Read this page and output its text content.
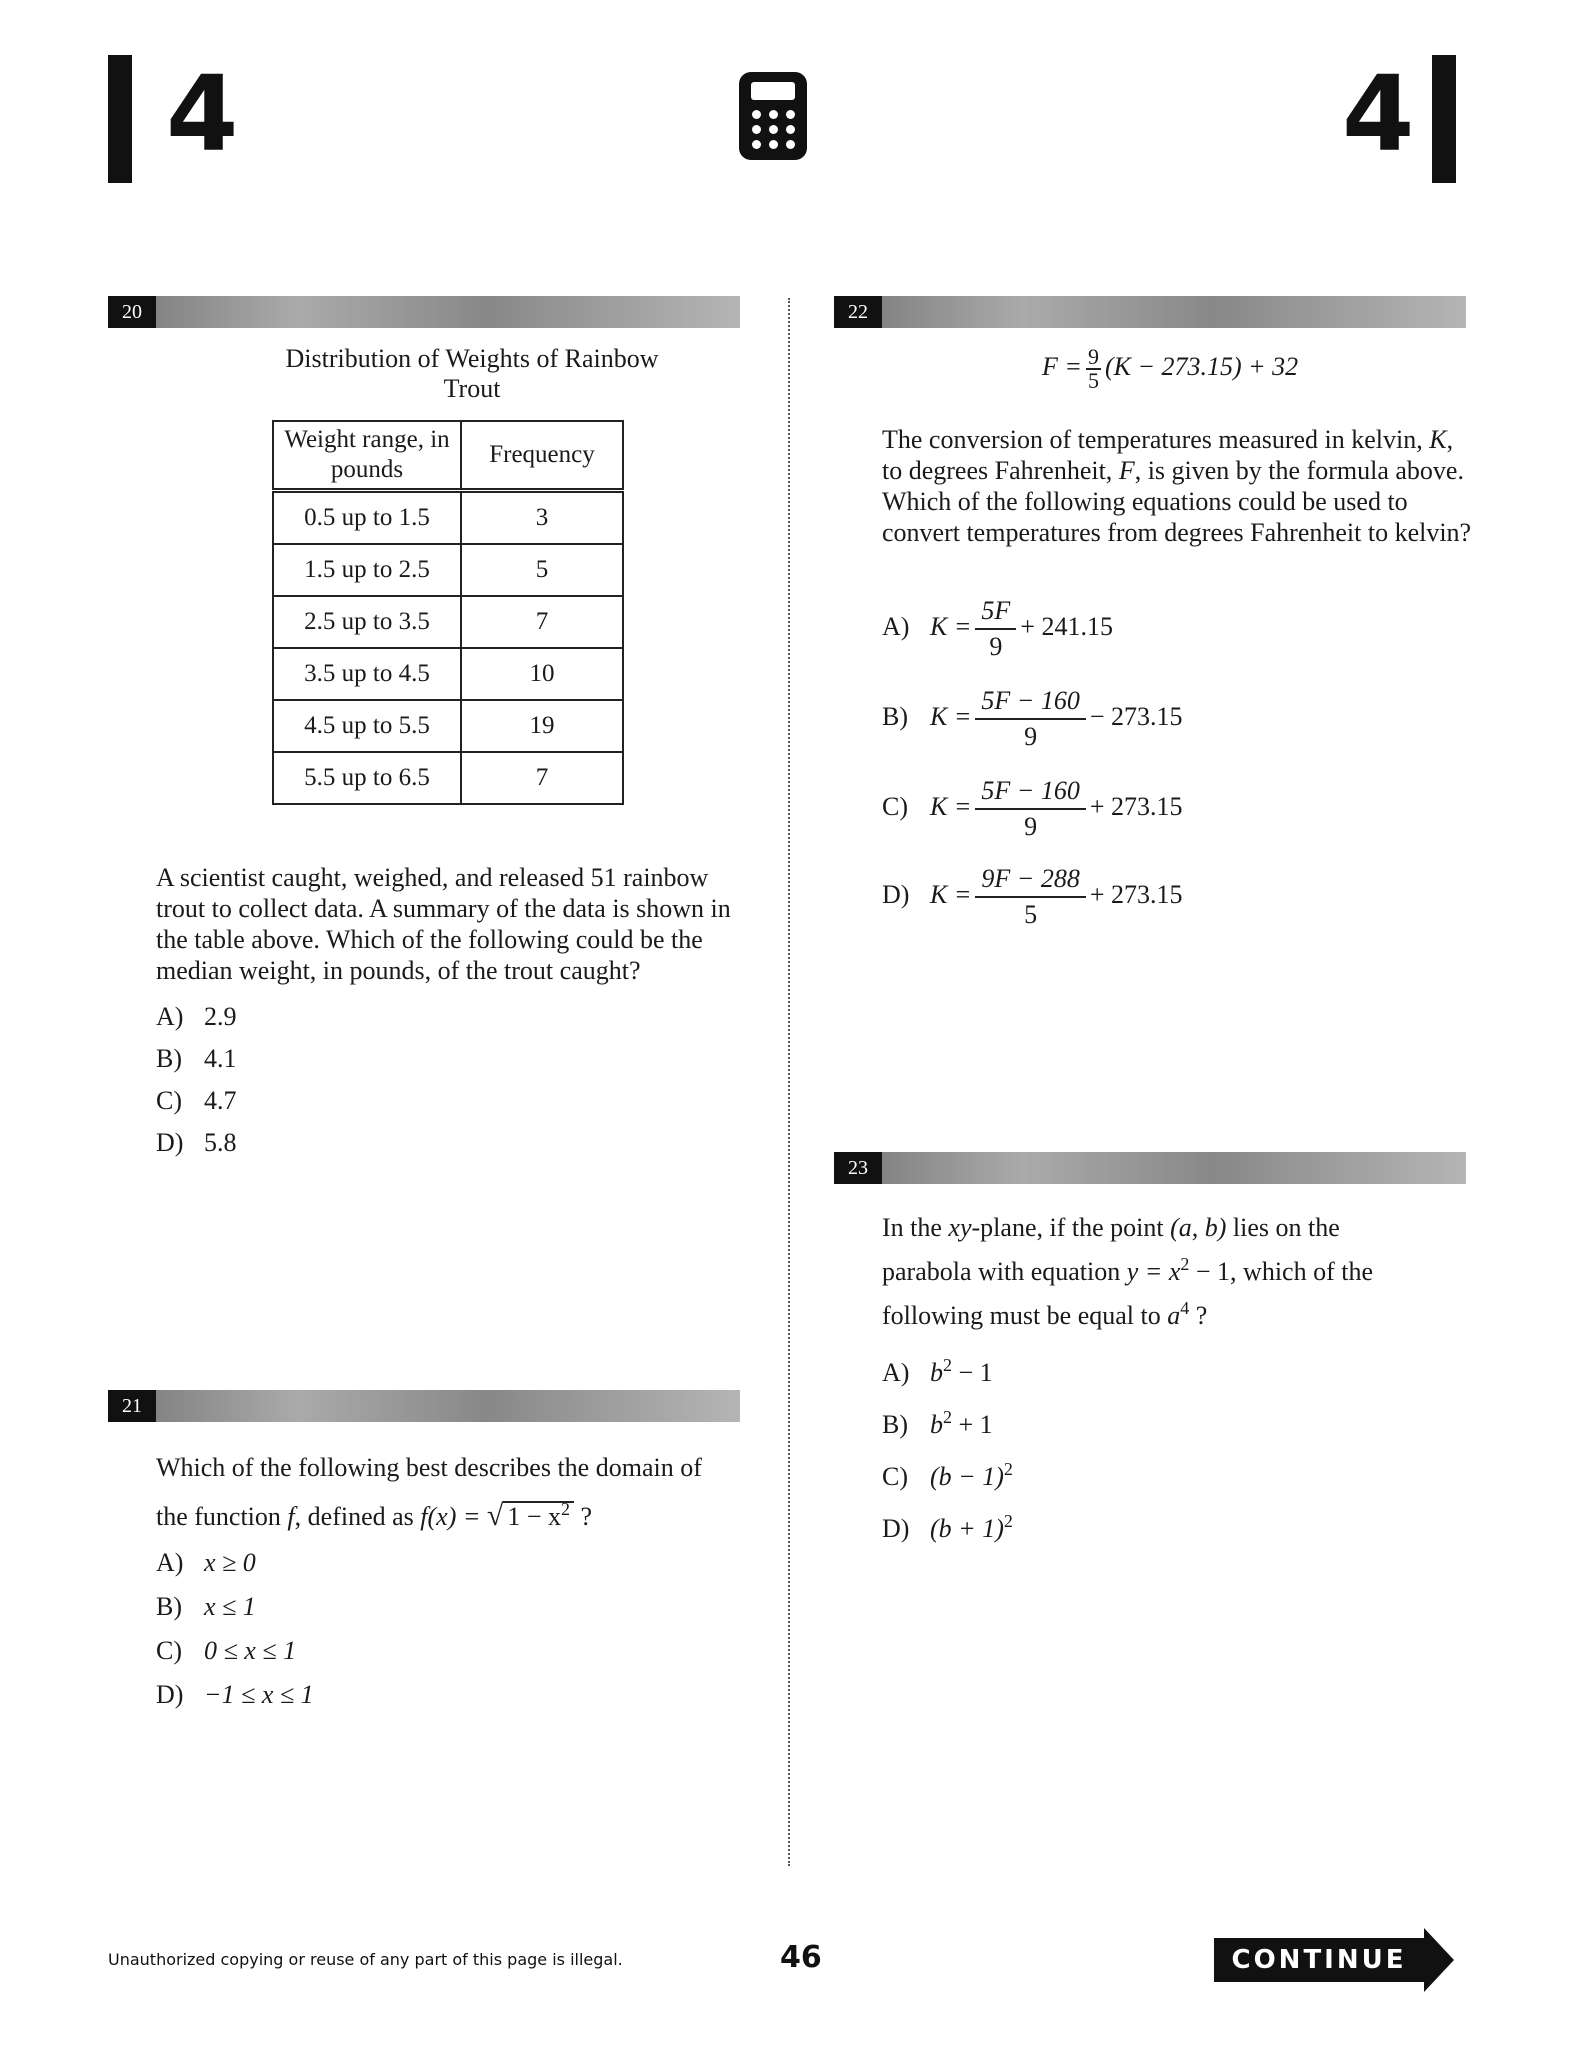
4	4
20
Distribution of Weights of Rainbow Trout
Weight range, in pounds	Frequency
0.5 up to 1.5	3
1.5 up to 2.5	5
2.5 up to 3.5	7
3.5 up to 4.5	10
4.5 up to 5.5	19
5.5 up to 6.5	7
A scientist caught, weighed, and released 51 rainbow trout to collect data. A summary of the data is shown in the table above. Which of the following could be the median weight, in pounds, of the trout caught?
A) 2.9
B) 4.1
C) 4.7
D) 5.8
21
Which of the following best describes the domain of
the function f, defined as f(x) = √ $1 - x^2$ ?
A) x ≥ 0
B) x ≤ 1
C) 0 ≤ x ≤ 1
D) −1 ≤ x ≤ 1
22
$F = \frac{9}{5} (K - 273.15) + 32$
The conversion of temperatures measured in kelvin, K, to degrees Fahrenheit, F, is given by the formula above. Which of the following equations could be used to convert temperatures from degrees Fahrenheit to kelvin?
A) $K = \frac{5F}{9} + 241.15$
B) $K = \frac{5F - 160}{9} - 273.15$
C) $K = \frac{5F - 160}{9} + 273.15$
D) $K = \frac{9F - 288}{5} + 273.15$
23
In the xy-plane, if the point (a, b) lies on the
parabola with equation $y = x^2 - 1$, which of the
following must be equal to $a^4$ ?
A) $b^2 - 1$
B) $b^2 + 1$
C) $(b - 1)^2$
D) $(b + 1)^2$
Unauthorized copying or reuse of any part of this page is illegal.	46	CONTINUE
